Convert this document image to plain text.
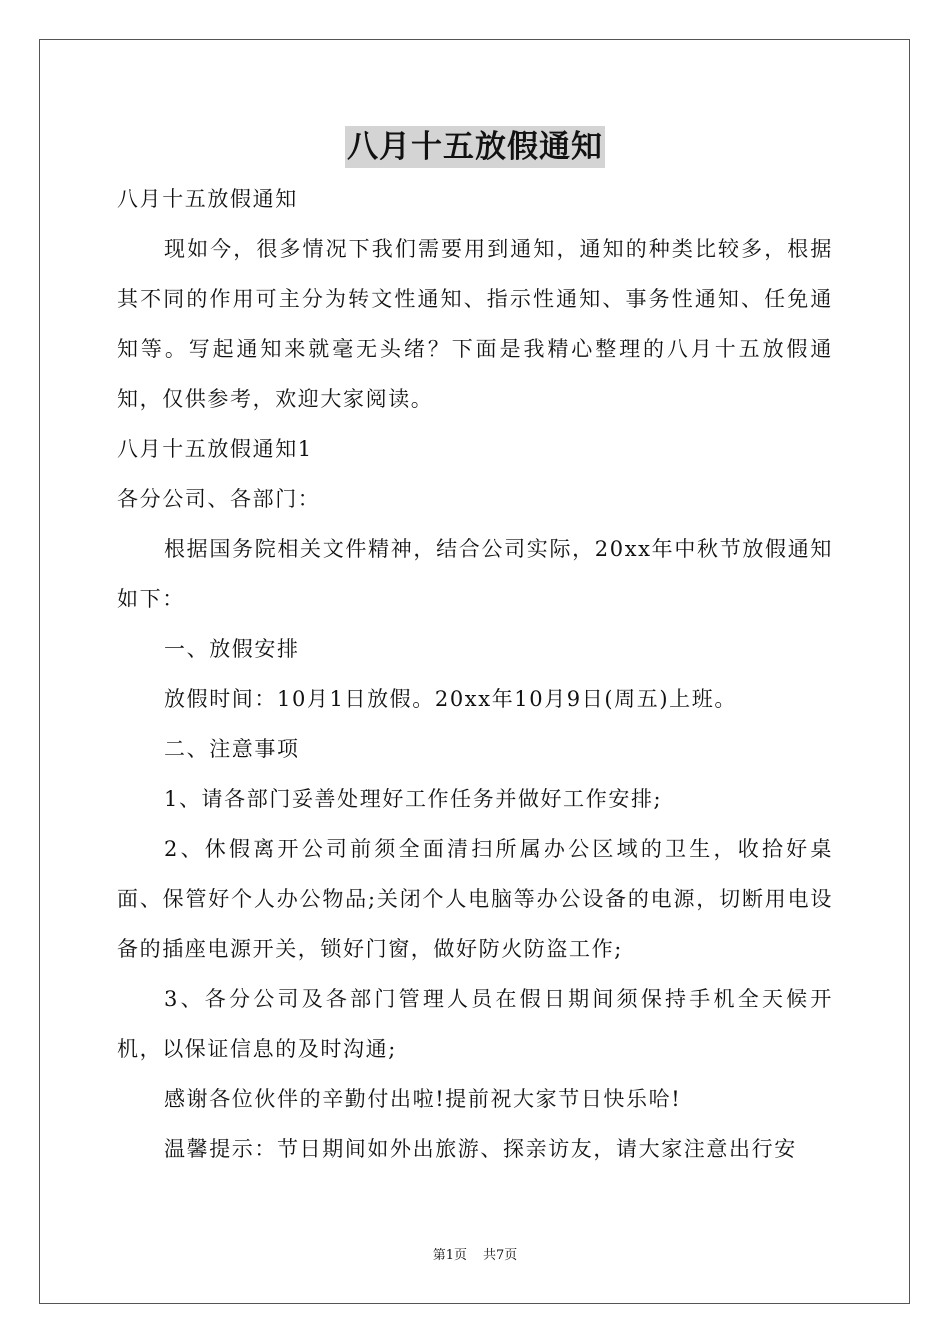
八月十五放假通知

八月十五放假通知

现如今，很多情况下我们需要用到通知，通知的种类比较多，根据其不同的作用可主分为转文性通知、指示性通知、事务性通知、任免通知等。写起通知来就毫无头绪？下面是我精心整理的八月十五放假通知，仅供参考，欢迎大家阅读。

八月十五放假通知1

各分公司、各部门：

根据国务院相关文件精神，结合公司实际，20xx年中秋节放假通知如下：

一、放假安排

放假时间：10月1日放假。20xx年10月9日(周五)上班。

二、注意事项

1、请各部门妥善处理好工作任务并做好工作安排;

2、休假离开公司前须全面清扫所属办公区域的卫生，收拾好桌面、保管好个人办公物品;关闭个人电脑等办公设备的电源，切断用电设备的插座电源开关，锁好门窗，做好防火防盗工作;

3、各分公司及各部门管理人员在假日期间须保持手机全天候开机，以保证信息的及时沟通;

感谢各位伙伴的辛勤付出啦!提前祝大家节日快乐哈!

温馨提示：节日期间如外出旅游、探亲访友，请大家注意出行安

第1页 共7页
